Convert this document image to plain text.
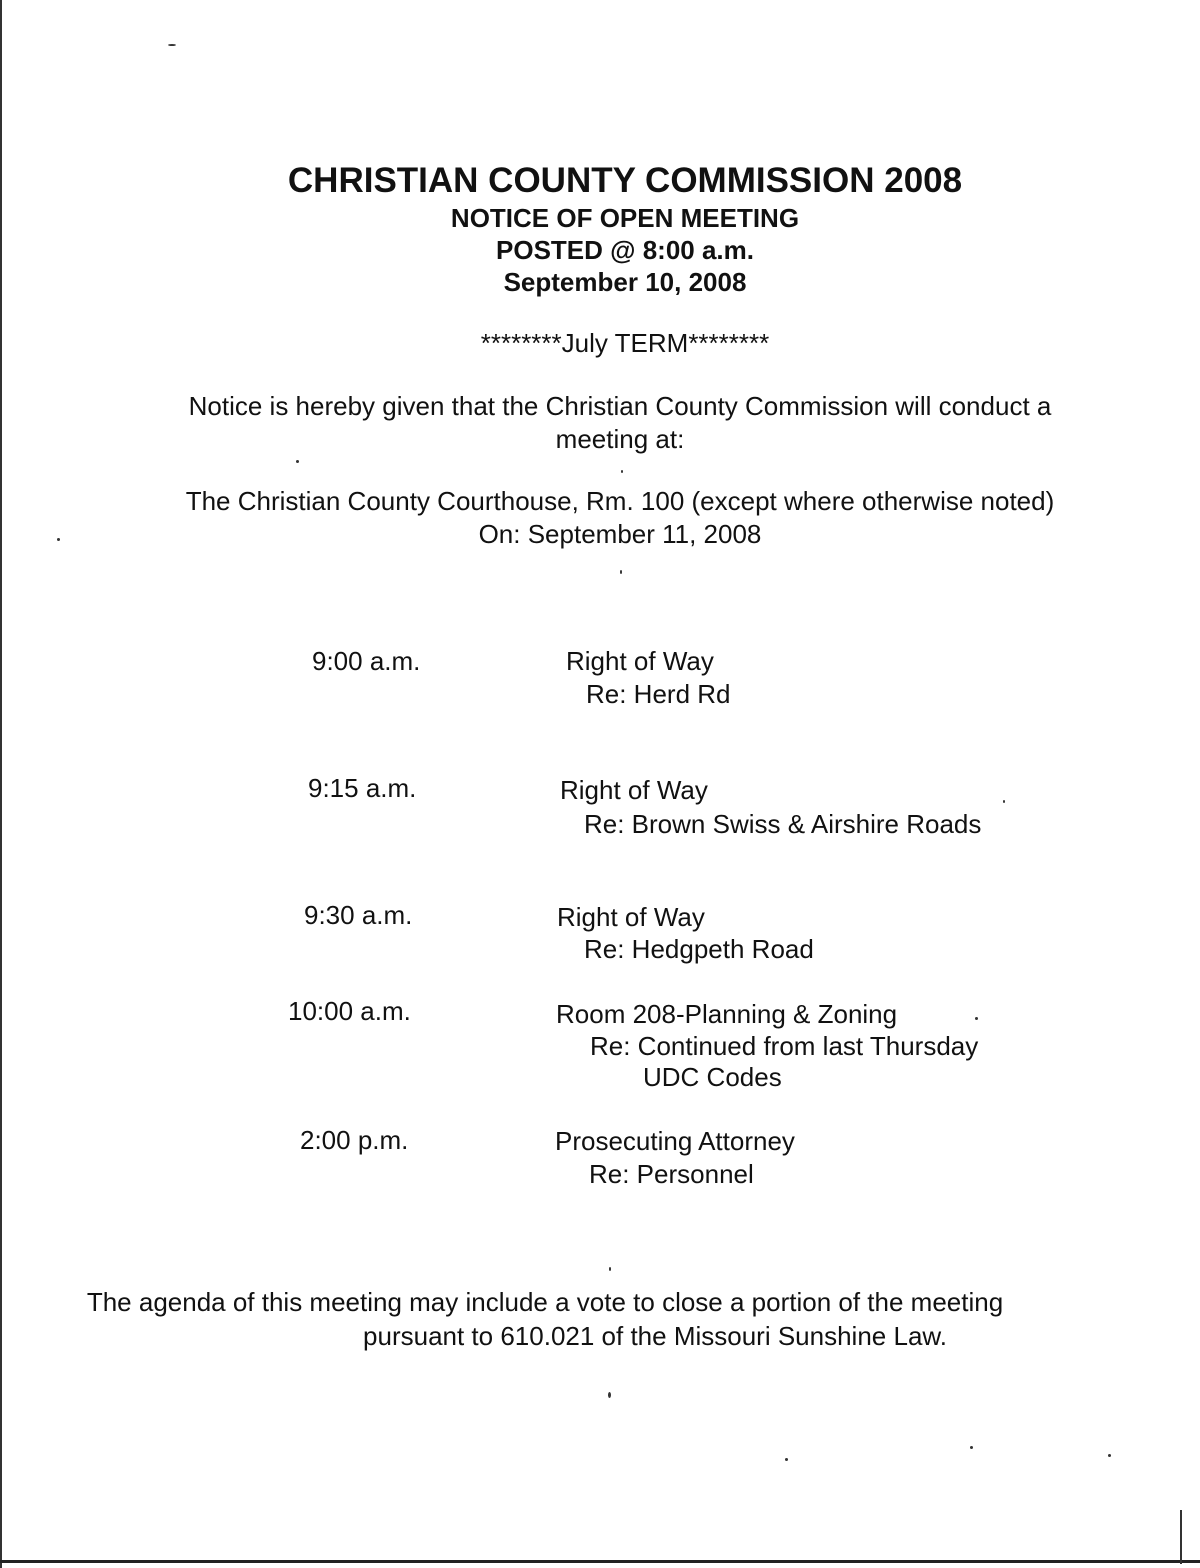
CHRISTIAN COUNTY COMMISSION 2008
NOTICE OF OPEN MEETING
POSTED @ 8:00 a.m.
September 10, 2008
********July TERM********
Notice is hereby given that the Christian County Commission will conduct a
meeting at:
The Christian County Courthouse, Rm. 100 (except where otherwise noted)
On: September 11, 2008
9:00 a.m.	Right of Way
Re: Herd Rd
9:15 a.m.	Right of Way
Re: Brown Swiss & Airshire Roads
9:30 a.m.	Right of Way
Re: Hedgpeth Road
10:00 a.m.	Room 208-Planning & Zoning
Re: Continued from last Thursday
UDC Codes
2:00 p.m.	Prosecuting Attorney
Re: Personnel
The agenda of this meeting may include a vote to close a portion of the meeting
pursuant to 610.021 of the Missouri Sunshine Law.
